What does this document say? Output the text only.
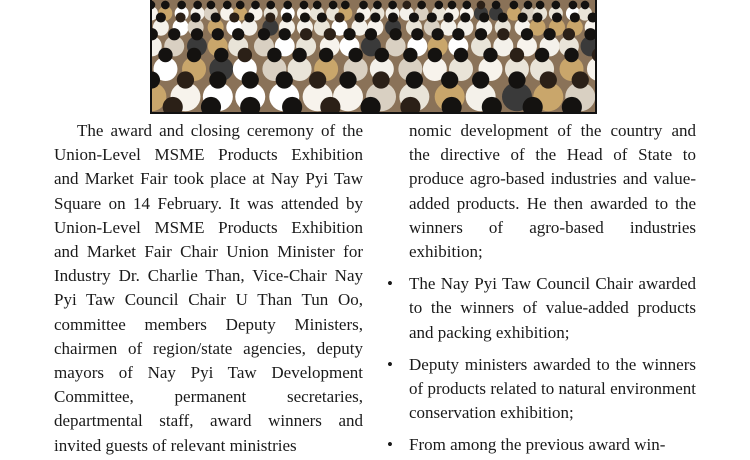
The award and closing ceremony of the Union-Level MSME Products Exhibition and Market Fair took place at Nay Pyi Taw Square on 14 February. It was attended by Union-Level MSME Products Exhibition and Market Fair Chair Union Minister for Industry Dr. Charlie Than, Vice-Chair Nay Pyi Taw Council Chair U Than Tun Oo, committee members Deputy Ministers, chairmen of region/state agencies, deputy mayors of Nay Pyi Taw Development Committee, permanent secretaries, departmental staff, award winners and invited guests of relevant ministries

nomic development of the country and the directive of the Head of State to produce agro-based industries and value-added products. He then awarded to the winners of agro-based industries exhibition;

• The Nay Pyi Taw Council Chair awarded to the winners of value-added products and packing exhibition;
• Deputy ministers awarded to the winners of products related to natural environment conservation exhibition;
• From among the previous award win-
